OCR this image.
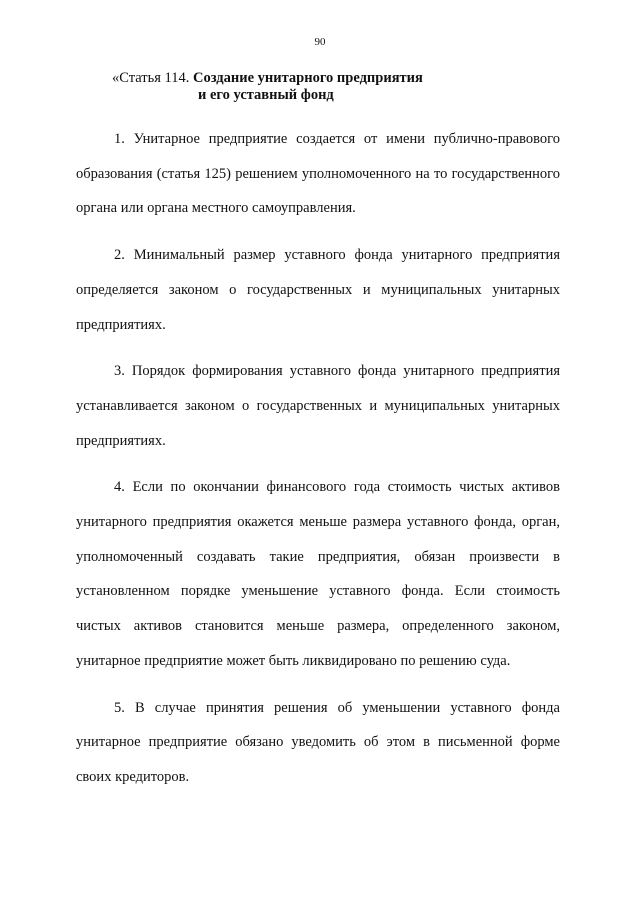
90
«Статья 114. Создание унитарного предприятия
и его уставный фонд

1. Унитарное предприятие создается от имени публично-правового образования (статья 125) решением уполномоченного на то государственного органа или органа местного самоуправления.

2. Минимальный размер уставного фонда унитарного предприятия определяется законом о государственных и муниципальных унитарных предприятиях.

3. Порядок формирования уставного фонда унитарного предприятия устанавливается законом о государственных и муниципальных унитарных предприятиях.

4. Если по окончании финансового года стоимость чистых активов унитарного предприятия окажется меньше размера уставного фонда, орган, уполномоченный создавать такие предприятия, обязан произвести в установленном порядке уменьшение уставного фонда. Если стоимость чистых активов становится меньше размера, определенного законом, унитарное предприятие может быть ликвидировано по решению суда.

5. В случае принятия решения об уменьшении уставного фонда унитарное предприятие обязано уведомить об этом в письменной форме своих кредиторов.
